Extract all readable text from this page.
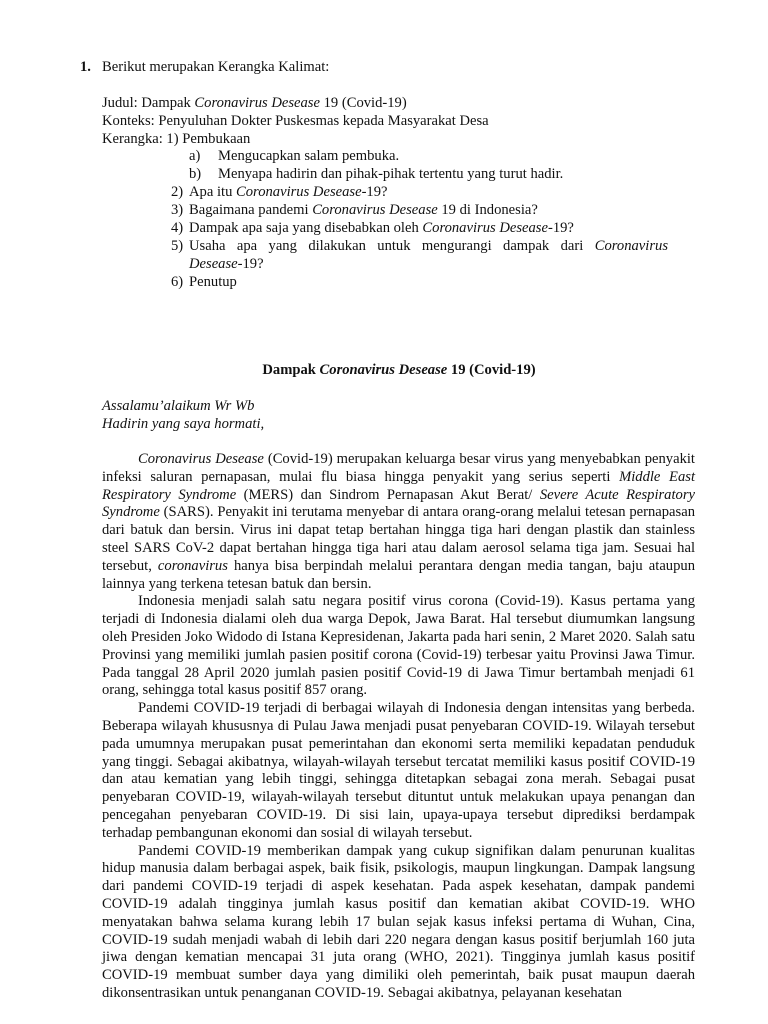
1. Berikut merupakan Kerangka Kalimat:
Judul: Dampak Coronavirus Desease 19 (Covid-19)
Konteks: Penyuluhan Dokter Puskesmas kepada Masyarakat Desa
Kerangka: 1) Pembukaan
a) Mengucapkan salam pembuka.
b) Menyapa hadirin dan pihak-pihak tertentu yang turut hadir.
2) Apa itu Coronavirus Desease-19?
3) Bagaimana pandemi Coronavirus Desease 19 di Indonesia?
4) Dampak apa saja yang disebabkan oleh Coronavirus Desease-19?
5) Usaha apa yang dilakukan untuk mengurangi dampak dari Coronavirus
Desease-19?
6) Penutup
Dampak Coronavirus Desease 19 (Covid-19)
Assalamu’alaikum Wr Wb
Hadirin yang saya hormati,

Coronavirus Desease (Covid-19) merupakan keluarga besar virus yang menyebabkan penyakit infeksi saluran pernapasan, mulai flu biasa hingga penyakit yang serius seperti Middle East Respiratory Syndrome (MERS) dan Sindrom Pernapasan Akut Berat/ Severe Acute Respiratory Syndrome (SARS). Penyakit ini terutama menyebar di antara orang-orang melalui tetesan pernapasan dari batuk dan bersin. Virus ini dapat tetap bertahan hingga tiga hari dengan plastik dan stainless steel SARS CoV-2 dapat bertahan hingga tiga hari atau dalam aerosol selama tiga jam. Sesuai hal tersebut, coronavirus hanya bisa berpindah melalui perantara dengan media tangan, baju ataupun lainnya yang terkena tetesan batuk dan bersin.

Indonesia menjadi salah satu negara positif virus corona (Covid-19). Kasus pertama yang terjadi di Indonesia dialami oleh dua warga Depok, Jawa Barat. Hal tersebut diumumkan langsung oleh Presiden Joko Widodo di Istana Kepresidenan, Jakarta pada hari senin, 2 Maret 2020. Salah satu Provinsi yang memiliki jumlah pasien positif corona (Covid-19) terbesar yaitu Provinsi Jawa Timur. Pada tanggal 28 April 2020 jumlah pasien positif Covid-19 di Jawa Timur bertambah menjadi 61 orang, sehingga total kasus positif 857 orang.

Pandemi COVID-19 terjadi di berbagai wilayah di Indonesia dengan intensitas yang berbeda. Beberapa wilayah khususnya di Pulau Jawa menjadi pusat penyebaran COVID-19. Wilayah tersebut pada umumnya merupakan pusat pemerintahan dan ekonomi serta memiliki kepadatan penduduk yang tinggi. Sebagai akibatnya, wilayah-wilayah tersebut tercatat memiliki kasus positif COVID-19 dan atau kematian yang lebih tinggi, sehingga ditetapkan sebagai zona merah. Sebagai pusat penyebaran COVID-19, wilayah-wilayah tersebut dituntut untuk melakukan upaya penangan dan pencegahan penyebaran COVID-19. Di sisi lain, upaya-upaya tersebut diprediksi berdampak terhadap pembangunan ekonomi dan sosial di wilayah tersebut.

Pandemi COVID-19 memberikan dampak yang cukup signifikan dalam penurunan kualitas hidup manusia dalam berbagai aspek, baik fisik, psikologis, maupun lingkungan. Dampak langsung dari pandemi COVID-19 terjadi di aspek kesehatan. Pada aspek kesehatan, dampak pandemi COVID-19 adalah tingginya jumlah kasus positif dan kematian akibat COVID-19. WHO menyatakan bahwa selama kurang lebih 17 bulan sejak kasus infeksi pertama di Wuhan, Cina, COVID-19 sudah menjadi wabah di lebih dari 220 negara dengan kasus positif berjumlah 160 juta jiwa dengan kematian mencapai 31 juta orang (WHO, 2021). Tingginya jumlah kasus positif COVID-19 membuat sumber daya yang dimiliki oleh pemerintah, baik pusat maupun daerah dikonsentrasikan untuk penanganan COVID-19. Sebagai akibatnya, pelayanan kesehatan
